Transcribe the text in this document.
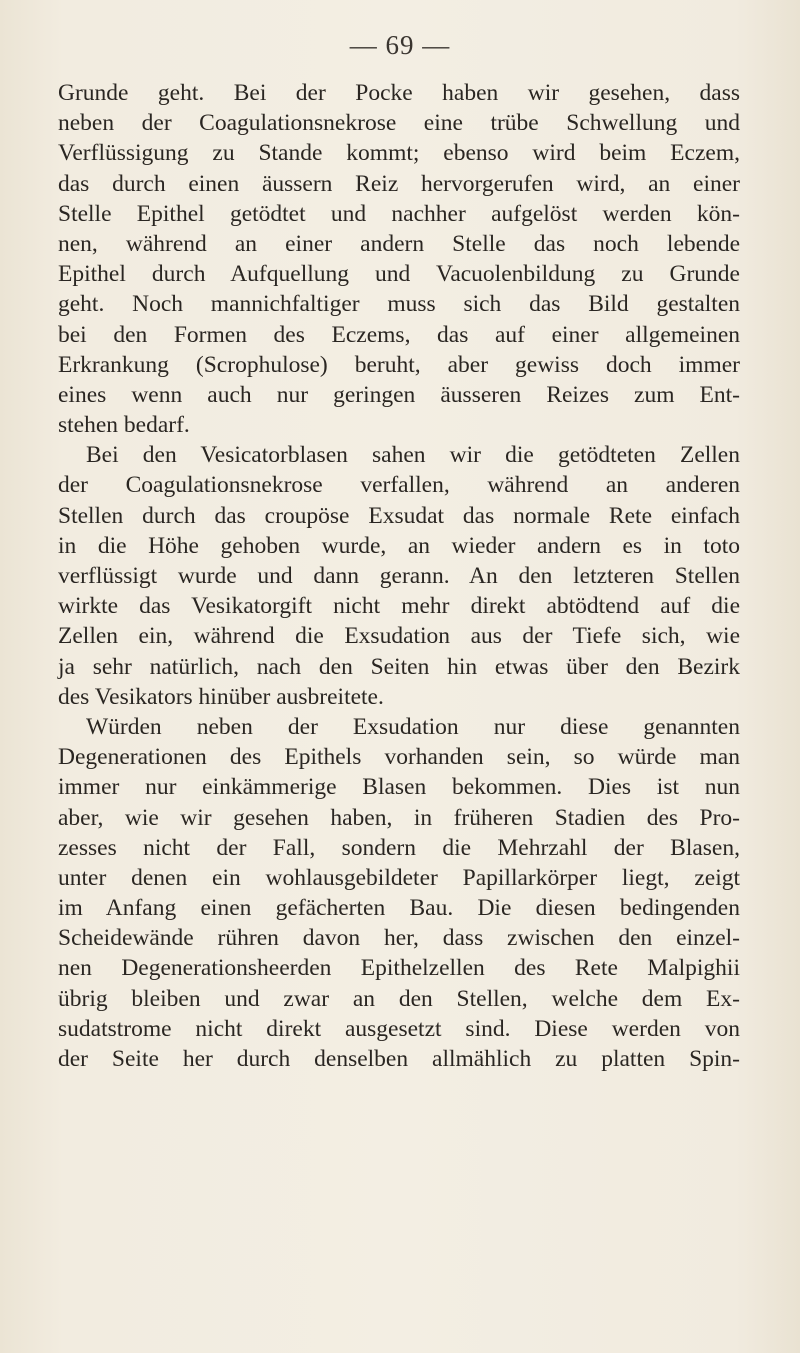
— 69 —
Grunde geht. Bei der Pocke haben wir gesehen, dass
neben der Coagulationsnekrose eine trübe Schwellung und
Verflüssigung zu Stande kommt; ebenso wird beim Eczem,
das durch einen äussern Reiz hervorgerufen wird, an einer
Stelle Epithel getödtet und nachher aufgelöst werden kön-
nen, während an einer andern Stelle das noch lebende
Epithel durch Aufquellung und Vacuolenbildung zu Grunde
geht. Noch mannichfaltiger muss sich das Bild gestalten
bei den Formen des Eczems, das auf einer allgemeinen
Erkrankung (Scrophulose) beruht, aber gewiss doch immer
eines wenn auch nur geringen äusseren Reizes zum Ent-
stehen bedarf.
Bei den Vesicatorblasen sahen wir die getödteten Zellen
der Coagulationsnekrose verfallen, während an anderen
Stellen durch das croupöse Exsudat das normale Rete einfach
in die Höhe gehoben wurde, an wieder andern es in toto
verflüssigt wurde und dann gerann. An den letzteren Stellen
wirkte das Vesikatorgift nicht mehr direkt abtödtend auf die
Zellen ein, während die Exsudation aus der Tiefe sich, wie
ja sehr natürlich, nach den Seiten hin etwas über den Bezirk
des Vesikators hinüber ausbreitete.
Würden neben der Exsudation nur diese genannten
Degenerationen des Epithels vorhanden sein, so würde man
immer nur einkämmerige Blasen bekommen. Dies ist nun
aber, wie wir gesehen haben, in früheren Stadien des Pro-
zesses nicht der Fall, sondern die Mehrzahl der Blasen,
unter denen ein wohlausgebildeter Papillarkörper liegt, zeigt
im Anfang einen gefächerten Bau. Die diesen bedingenden
Scheidewände rühren davon her, dass zwischen den einzel-
nen Degenerationsheerden Epithelzellen des Rete Malpighii
übrig bleiben und zwar an den Stellen, welche dem Ex-
sudatstrome nicht direkt ausgesetzt sind. Diese werden von
der Seite her durch denselben allmählich zu platten Spin-
